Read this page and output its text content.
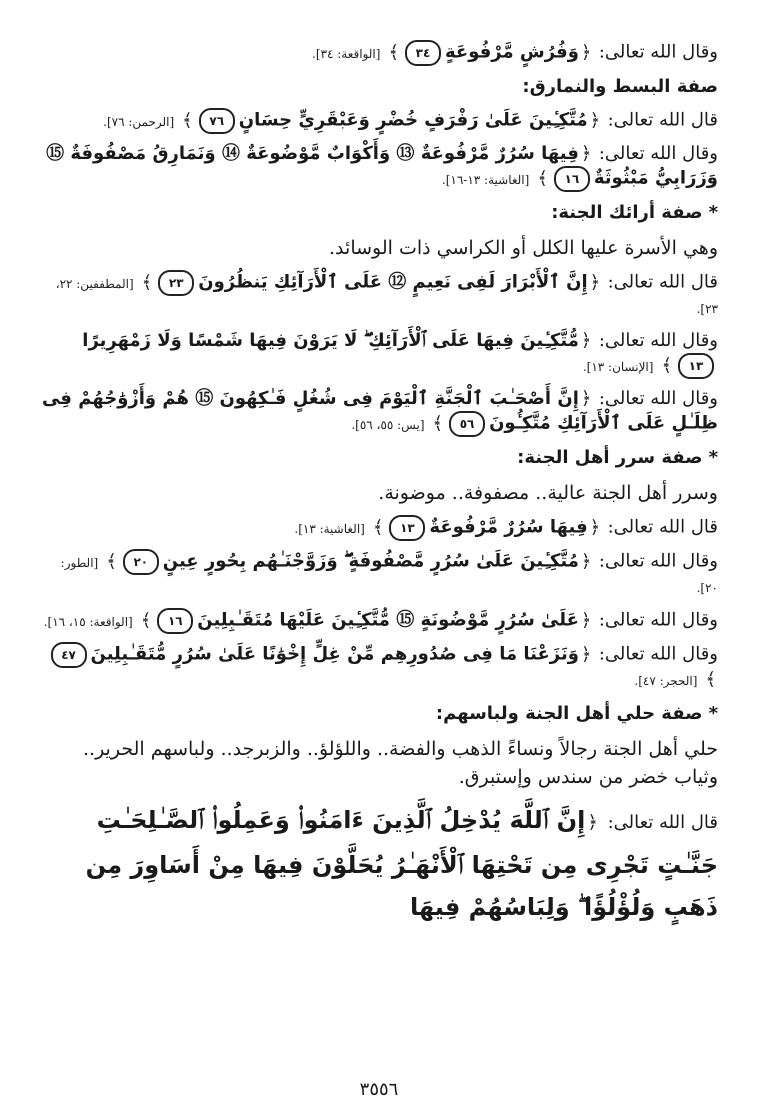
وقال الله تعالى: ﴿وَفُرُشٍ مَّرْفُوعَةٍ٣٤﴾[الواقعة: ٣٤].
صفة البسط والنمارق:
قال الله تعالى: ﴿مُتَّكِـِٔينَ عَلَىٰ رَفْرَفٍ خُضْرٍ وَعَبْقَرِيٍّ حِسَانٍ٧٦﴾[الرحمن: ٧٦].
وقال الله تعالى: ﴿فِيهَا سُرُرٌ مَّرْفُوعَةٌ ⑬ وَأَكْوَابٌ مَّوْضُوعَةٌ ⑭ وَنَمَارِقُ مَصْفُوفَةٌ ⑮ وَزَرَابِيُّ مَبْثُوثَةٌ١٦﴾[الغاشية: ١٣-١٦].
*صفة أرائك الجنة:
وهي الأسرة عليها الكلل أو الكراسي ذات الوسائد.
قال الله تعالى: ﴿إِنَّ ٱلْأَبْرَارَ لَفِى نَعِيمٍ ⑫ عَلَى ٱلْأَرَآئِكِ يَنظُرُونَ٢٣﴾[المطففين: ٢٢، ٢٣].
وقال الله تعالى: ﴿مُّتَّكِـِٔينَ فِيهَا عَلَى ٱلْأَرَآئِكِ ۖ لَا يَرَوْنَ فِيهَا شَمْسًا وَلَا زَمْهَرِيرًا١٣﴾[الإنسان: ١٣].
وقال الله تعالى: ﴿إِنَّ أَصْحَـٰبَ ٱلْجَنَّةِ ٱلْيَوْمَ فِى شُغُلٍ فَـٰكِهُونَ ⑮ هُمْ وَأَزْوَٰجُهُمْ فِى ظِلَـٰلٍ عَلَى ٱلْأَرَآئِكِ مُتَّكِـُٔونَ٥٦﴾[يس: ٥٥، ٥٦].
*صفة سرر أهل الجنة:
وسرر أهل الجنة عالية.. مصفوفة.. موضونة.
قال الله تعالى: ﴿فِيهَا سُرُرٌ مَّرْفُوعَةٌ١٣﴾[الغاشية: ١٣].
وقال الله تعالى: ﴿مُتَّكِـِٔينَ عَلَىٰ سُرُرٍ مَّصْفُوفَةٍ ۖ وَزَوَّجْنَـٰهُم بِحُورٍ عِينٍ٢٠﴾[الطور: ٢٠].
وقال الله تعالى: ﴿عَلَىٰ سُرُرٍ مَّوْضُونَةٍ ⑮ مُّتَّكِـِٔينَ عَلَيْهَا مُتَقَـٰبِلِينَ١٦﴾[الواقعة: ١٥، ١٦].
وقال الله تعالى: ﴿وَنَزَعْنَا مَا فِى صُدُورِهِم مِّنْ غِلٍّ إِخْوَٰنًا عَلَىٰ سُرُرٍ مُّتَقَـٰبِلِينَ٤٧﴾[الحجر: ٤٧].
*صفة حلي أهل الجنة ولباسهم:
حلي أهل الجنة رجالاً ونساءً الذهب والفضة.. واللؤلؤ.. والزبرجد.. ولباسهم الحرير.. وثياب خضر من سندس وإستبرق.
قال الله تعالى: ﴿إِنَّ ٱللَّهَ يُدْخِلُ ٱلَّذِينَ ءَامَنُوا۟ وَعَمِلُوا۟ ٱلصَّـٰلِحَـٰتِ جَنَّـٰتٍ تَجْرِى مِن تَحْتِهَا ٱلْأَنْهَـٰرُ يُحَلَّوْنَ فِيهَا مِنْ أَسَاوِرَ مِن ذَهَبٍ وَلُؤْلُؤًا ۖ وَلِبَاسُهُمْ فِيهَا
٣٥٥٦
